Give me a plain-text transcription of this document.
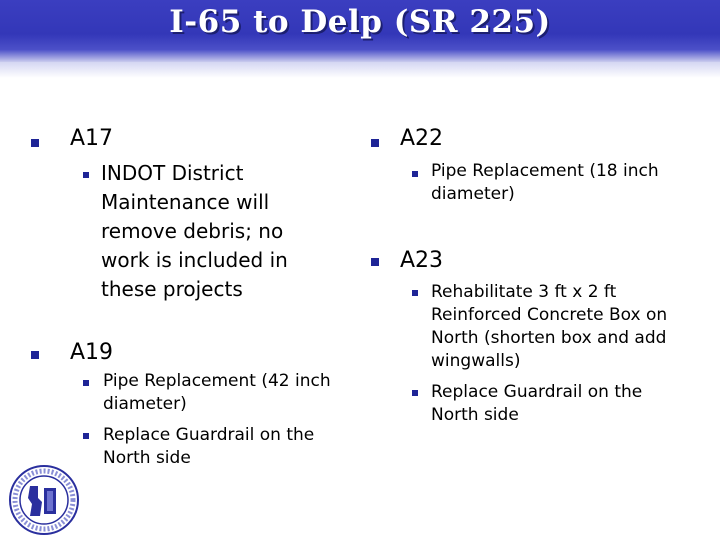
I-65 to Delp (SR 225)
A17
INDOT District Maintenance will remove debris; no work is included in these projects
A19
Pipe Replacement (42 inch diameter)
Replace Guardrail on the North side
A22
Pipe Replacement (18 inch diameter)
A23
Rehabilitate 3 ft x 2 ft Reinforced Concrete Box on North (shorten box and add wingwalls)
Replace Guardrail on the North side
